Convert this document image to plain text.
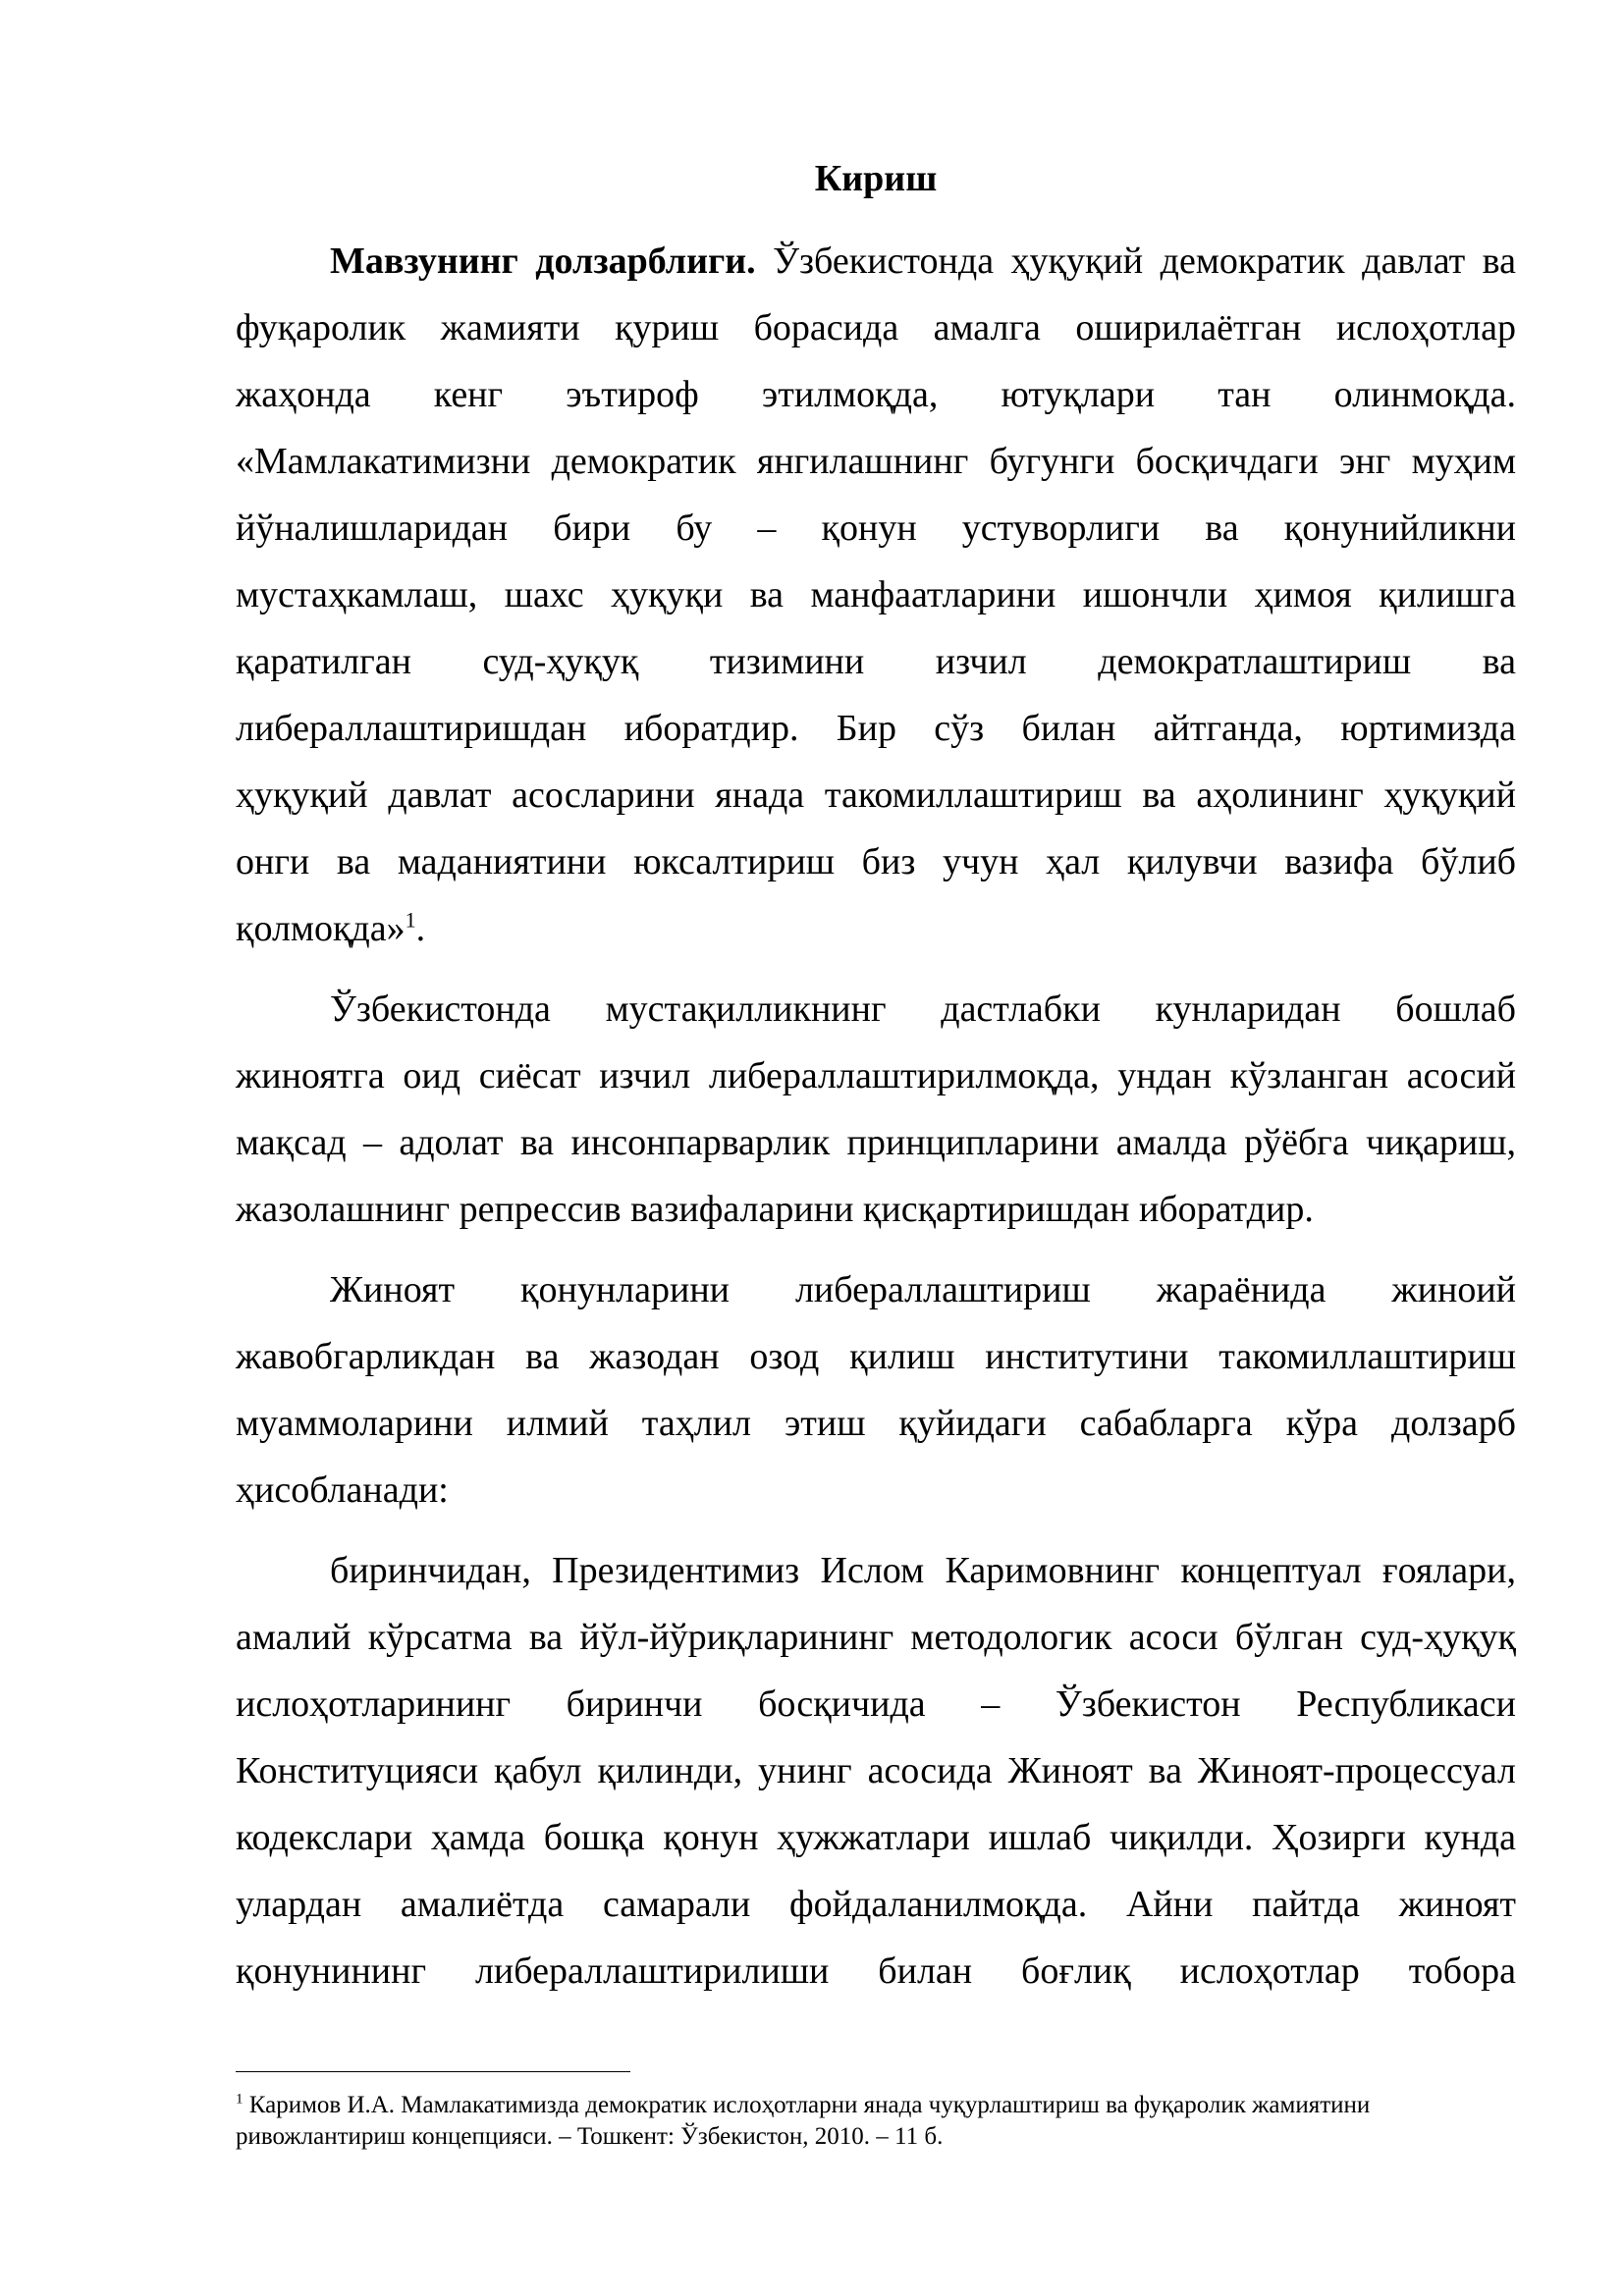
Кириш
Мавзунинг долзарблиги. Ўзбекистонда ҳуқуқий демократик давлат ва
фуқаролик жамияти қуриш борасида амалга оширилаётган ислоҳотлар
жаҳонда кенг эътироф этилмоқда, ютуқлари тан олинмоқда.
«Мамлакатимизни демократик янгилашнинг бугунги босқичдаги энг муҳим
йўналишларидан бири бу – қонун устуворлиги ва қонунийликни
мустаҳкамлаш, шахс ҳуқуқи ва манфаатларини ишончли ҳимоя қилишга
қаратилган суд-ҳуқуқ тизимини изчил демократлаштириш ва
либераллаштиришдан иборатдир. Бир сўз билан айтганда, юртимизда
ҳуқуқий давлат асосларини янада такомиллаштириш ва аҳолининг ҳуқуқий
онги ва маданиятини юксалтириш биз учун ҳал қилувчи вазифа бўлиб
қолмоқда»$^1$.
Ўзбекистонда мустақилликнинг дастлабки кунларидан бошлаб
жиноятга оид сиёсат изчил либераллаштирилмоқда, ундан кўзланган асосий
мақсад – адолат ва инсонпарварлик принципларини амалда рўёбга чиқариш,
жазолашнинг репрессив вазифаларини қисқартиришдан иборатдир.
Жиноят қонунларини либераллаштириш жараёнида жиноий
жавобгарликдан ва жазодан озод қилиш институтини такомиллаштириш
муаммоларини илмий таҳлил этиш қуйидаги сабабларга кўра долзарб
ҳисобланади:
биринчидан, Президентимиз Ислом Каримовнинг концептуал ғоялари,
амалий кўрсатма ва йўл-йўриқларининг методологик асоси бўлган суд-ҳуқуқ
ислоҳотларининг биринчи босқичида – Ўзбекистон Республикаси
Конституцияси қабул қилинди, унинг асосида Жиноят ва Жиноят-процессуал
кодекслари ҳамда бошқа қонун ҳужжатлари ишлаб чиқилди. Ҳозирги кунда
улардан амалиётда самарали фойдаланилмоқда. Айни пайтда жиноят
қонунининг либераллаштирилиши билан боғлиқ ислоҳотлар тобора
$^1$ Каримов И.А. Мамлакатимизда демократик ислоҳотларни янада чуқурлаштириш ва фуқаролик жамиятини
ривожлантириш концепцияси. – Тошкент: Ўзбекистон, 2010. – 11 б.
